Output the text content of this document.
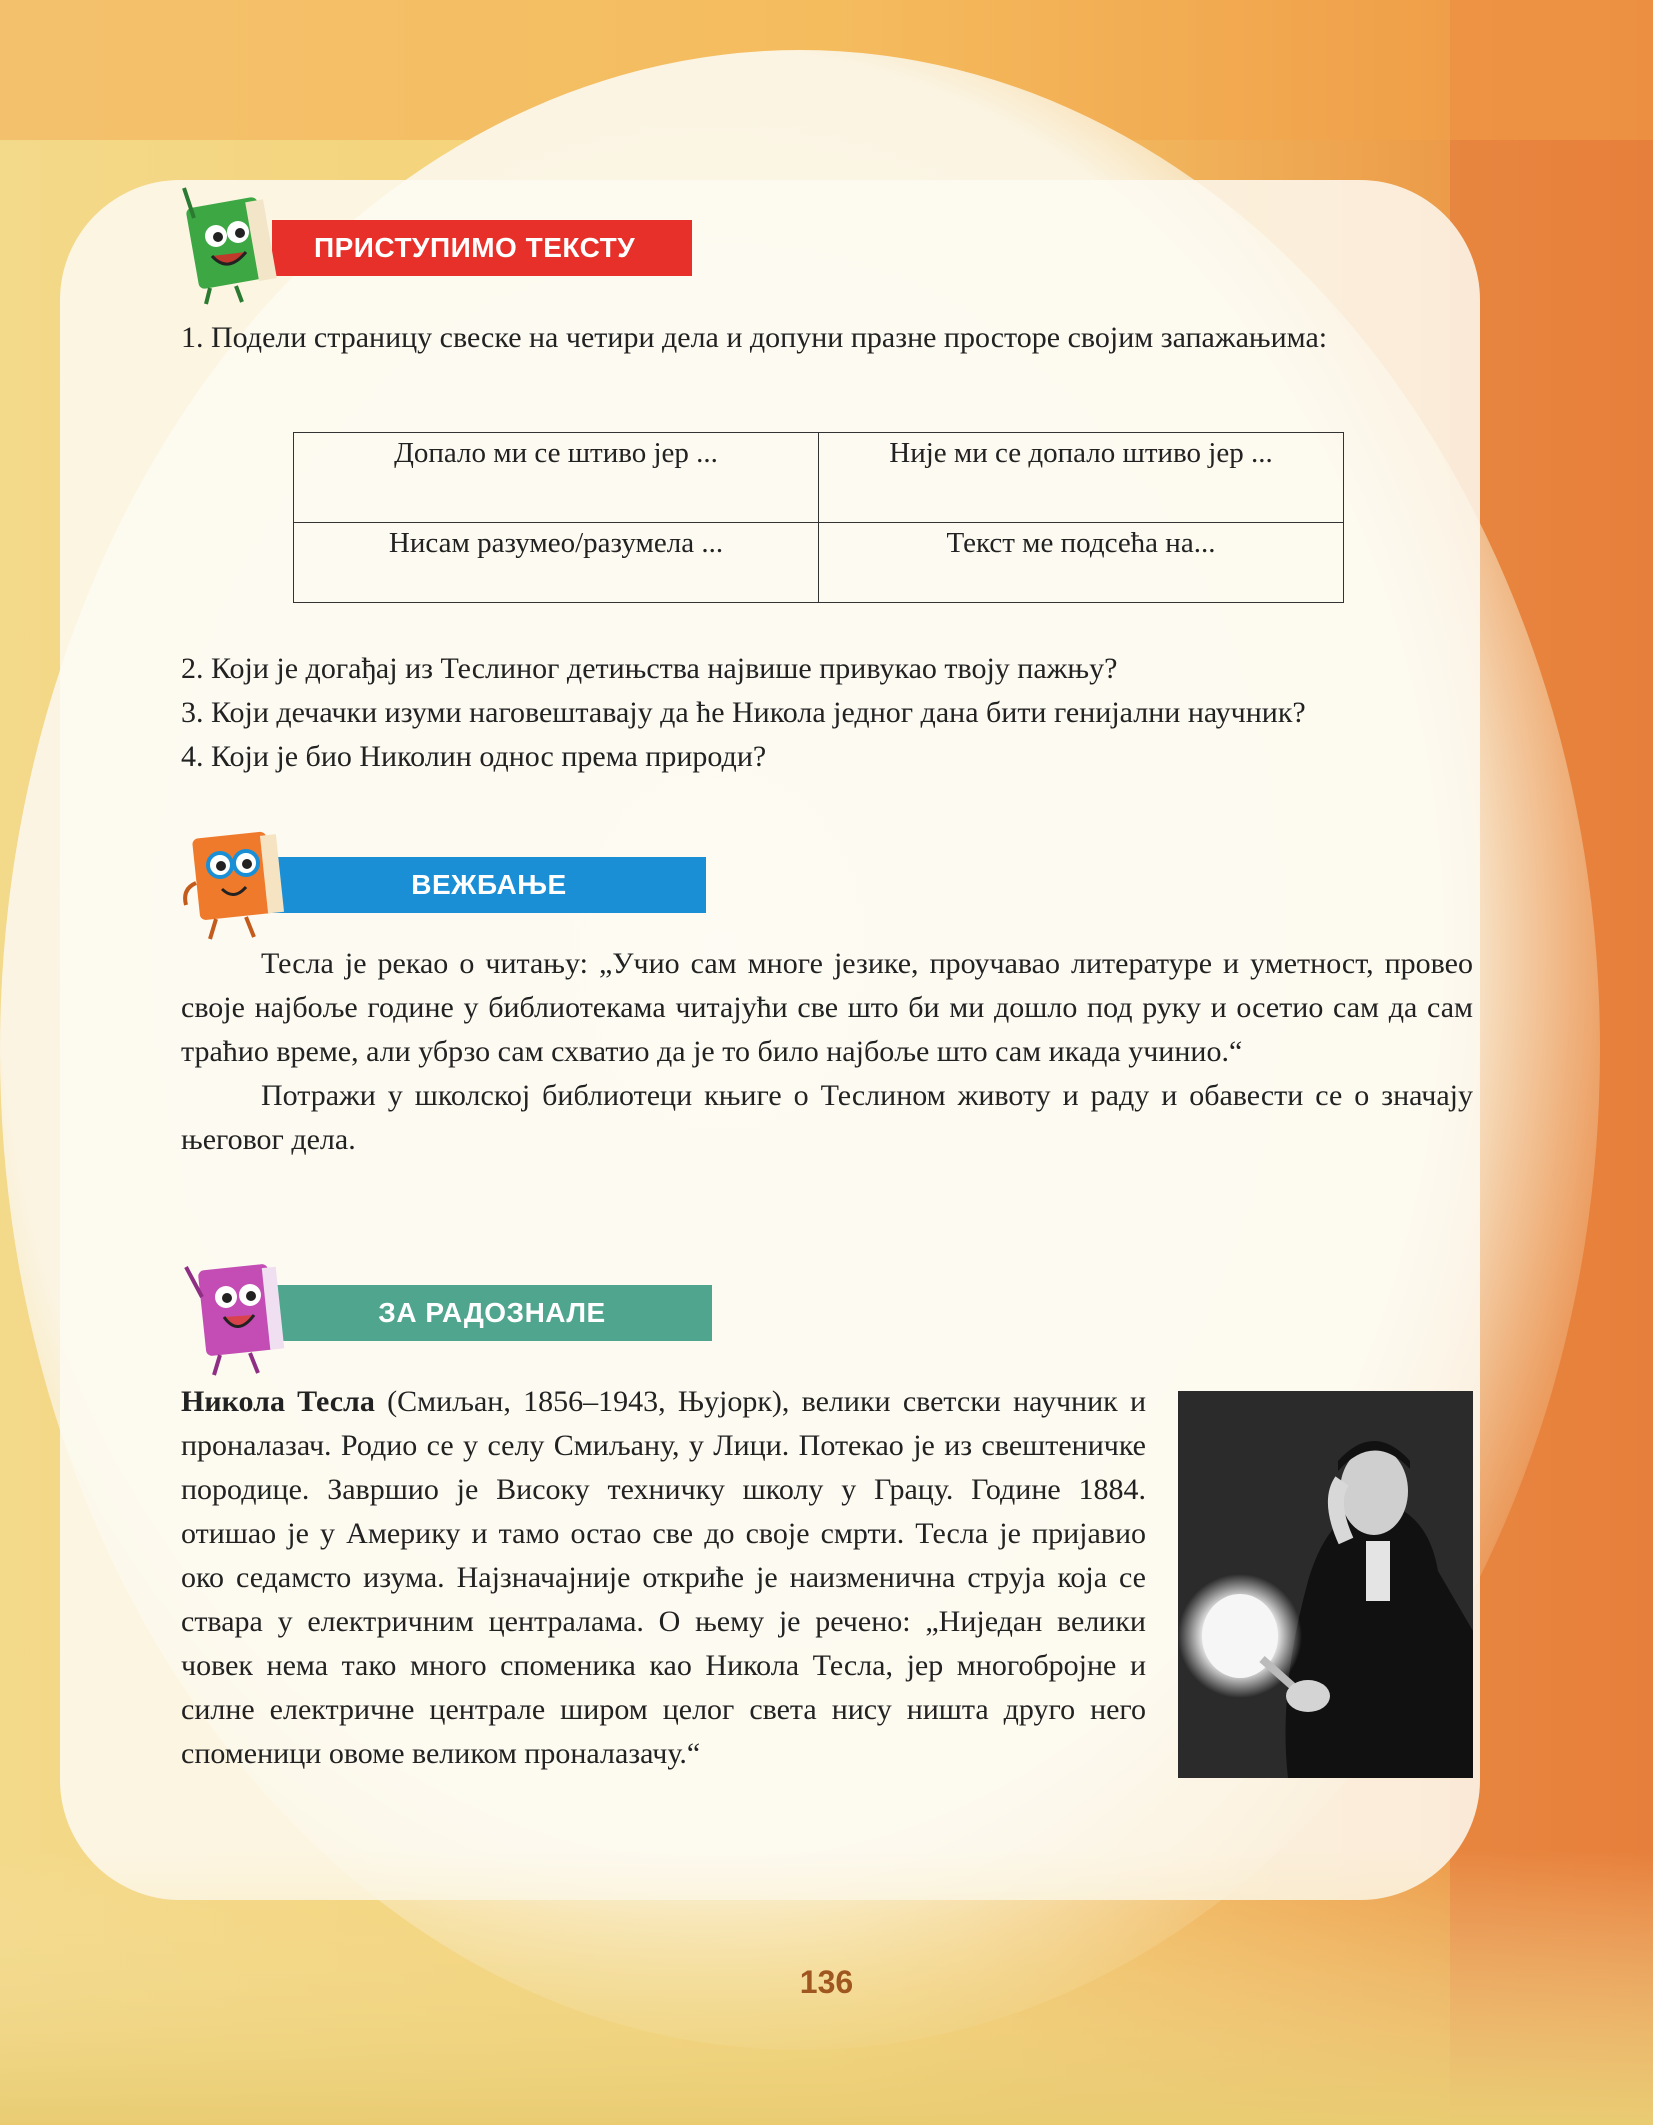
ПРИСТУПИМО ТЕКСТУ
1. Подели страницу свеске на четири дела и допуни празне просторе својим запажањима:
Допало ми се штиво јер ...	Није ми се допало штиво јер ...
Нисам разумео/разумела ...	Текст ме подсећа на...
2. Који је догађај из Теслиног детињства највише привукао твоју пажњу?
3. Који дечачки изуми наговештавају да ће Никола једног дана бити генијални научник?
4. Који је био Николин однос према природи?
ВЕЖБАЊЕ
Тесла је рекао о читању: „Учио сам многе језике, проучавао литературе и уметност, провео своје најбоље године у библиотекама читајући све што би ми дошло под руку и осетио сам да сам траћио време, али убрзо сам схватио да је то било најбоље што сам икада учинио.“
Потражи у школској библиотеци књиге о Теслином животу и раду и обавести се о значају његовог дела.
ЗА РАДОЗНАЛЕ
Никола Тесла (Смиљан, 1856–1943, Њујорк), велики светски научник и проналазач. Родио се у селу Смиљану, у Лици. Потекао је из свештеничке породице. Завршио је Високу техничку школу у Грацу. Године 1884. отишао је у Америку и тамо остао све до своје смрти. Тесла је пријавио око седамсто изума. Најзначајније откриће је наизменична струја која се ствара у електричним централама. О њему је речено: „Ниједан велики човек нема тако много споменика као Никола Тесла, јер многобројне и силне електричне централе широм целог света нису ништа друго него споменици овоме великом проналазачу.“
136
